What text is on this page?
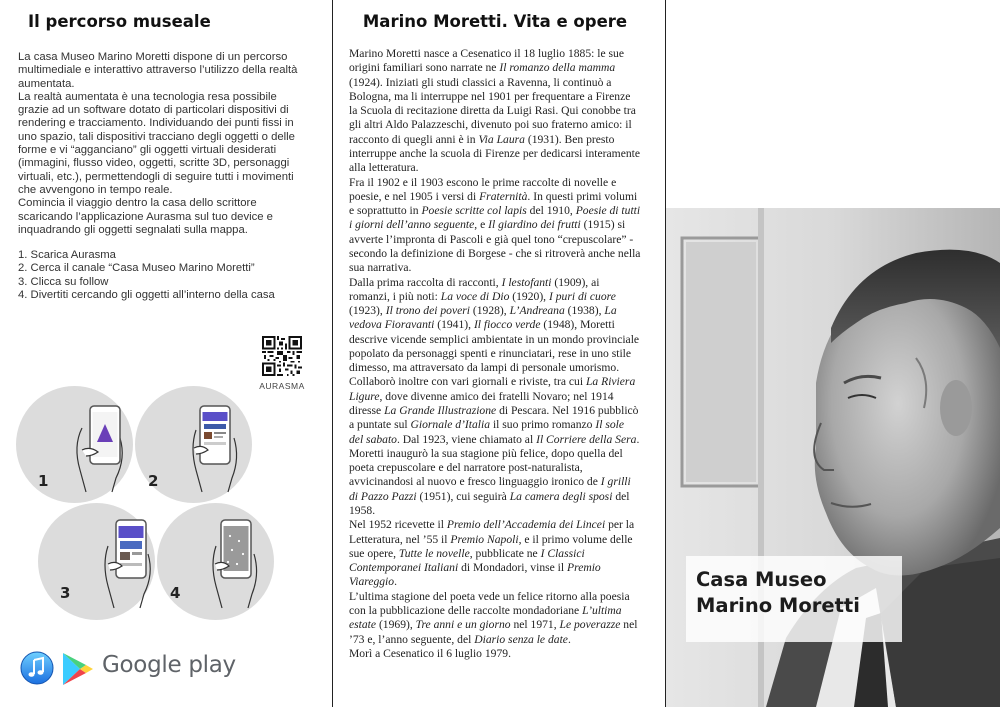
Il percorso museale

La casa Museo Marino Moretti dispone di un percorso multimediale e interattivo attraverso l’utilizzo della realtà aumentata.

La realtà aumentata è una tecnologia resa possibile grazie ad un software dotato di particolari dispositivi di rendering e tracciamento. Individuando dei punti fissi in uno spazio, tali dispositivi tracciano degli oggetti o delle forme e vi “agganciano” gli oggetti virtuali desiderati (immagini, flusso video, oggetti, scritte 3D, personaggi virtuali, etc.), permettendogli di seguire tutti i movimenti che avvengono in tempo reale.

Comincia il viaggio dentro la casa dello scrittore scaricando l’applicazione Aurasma sul tuo device e inquadrando gli oggetti segnalati sulla mappa.

1. Scarica Aurasma
2. Cerca il canale “Casa Museo Marino Moretti”
3. Clicca su follow
4. Divertiti cercando gli oggetti all’interno della casa
AURASMA
1	2
3	4
Google play
Marino Moretti. Vita e opere

Marino Moretti nasce a Cesenatico il 18 luglio 1885: le sue origini familiari sono narrate ne Il romanzo della mamma (1924). Iniziati gli studi classici a Ravenna, li continuò a Bologna, ma li interruppe nel 1901 per frequentare a Firenze la Scuola di recitazione diretta da Luigi Rasi. Qui conobbe tra gli altri Aldo Palazzeschi, divenuto poi suo fraterno amico: il racconto di quegli anni è in Via Laura (1931). Ben presto interruppe anche la scuola di Firenze per dedicarsi interamente alla letteratura.

Fra il 1902 e il 1903 escono le prime raccolte di novelle e poesie, e nel 1905 i versi di Fraternità. In questi primi volumi e soprattutto in Poesie scritte col lapis del 1910, Poesie di tutti i giorni dell’anno seguente, e Il giardino dei frutti (1915) si avverte l’impronta di Pascoli e già quel tono “crepuscolare” - secondo la definizione di Borgese - che si ritroverà anche nella sua narrativa.

Dalla prima raccolta di racconti, I lestofanti (1909), ai romanzi, i più noti: La voce di Dio (1920), I puri di cuore (1923), Il trono dei poveri (1928), L’Andreana (1938), La vedova Fioravanti (1941), Il fiocco verde (1948), Moretti descrive vicende semplici ambientate in un mondo provinciale popolato da personaggi spenti e rinunciatari, rese in uno stile dimesso, ma attraversato da lampi di personale umorismo. Collaborò inoltre con vari giornali e riviste, tra cui La Riviera Ligure, dove divenne amico dei fratelli Novaro; nel 1914 diresse La Grande Illustrazione di Pescara. Nel 1916 pubblicò a puntate sul Giornale d’Italia il suo primo romanzo Il sole del sabato. Dal 1923, viene chiamato al Il Corriere della Sera.

Moretti inaugurò la sua stagione più felice, dopo quella del poeta crepuscolare e del narratore post-naturalista, avvicinandosi al nuovo e fresco linguaggio ironico de I grilli di Pazzo Pazzi (1951), cui seguirà La camera degli sposi del 1958.

Nel 1952 ricevette il Premio dell’Accademia dei Lincei per la Letteratura, nel ’55 il Premio Napoli, e il primo volume delle sue opere, Tutte le novelle, pubblicate ne I Classici Contemporanei Italiani di Mondadori, vinse il Premio Viareggio.

L’ultima stagione del poeta vede un felice ritorno alla poesia con la pubblicazione delle raccolte mondadoriane L’ultima estate (1969), Tre anni e un giorno nel 1971, Le poverazze nel ’73 e, l’anno seguente, del Diario senza le date.

Morì a Cesenatico il 6 luglio 1979.

Casa Museo
Marino Moretti
